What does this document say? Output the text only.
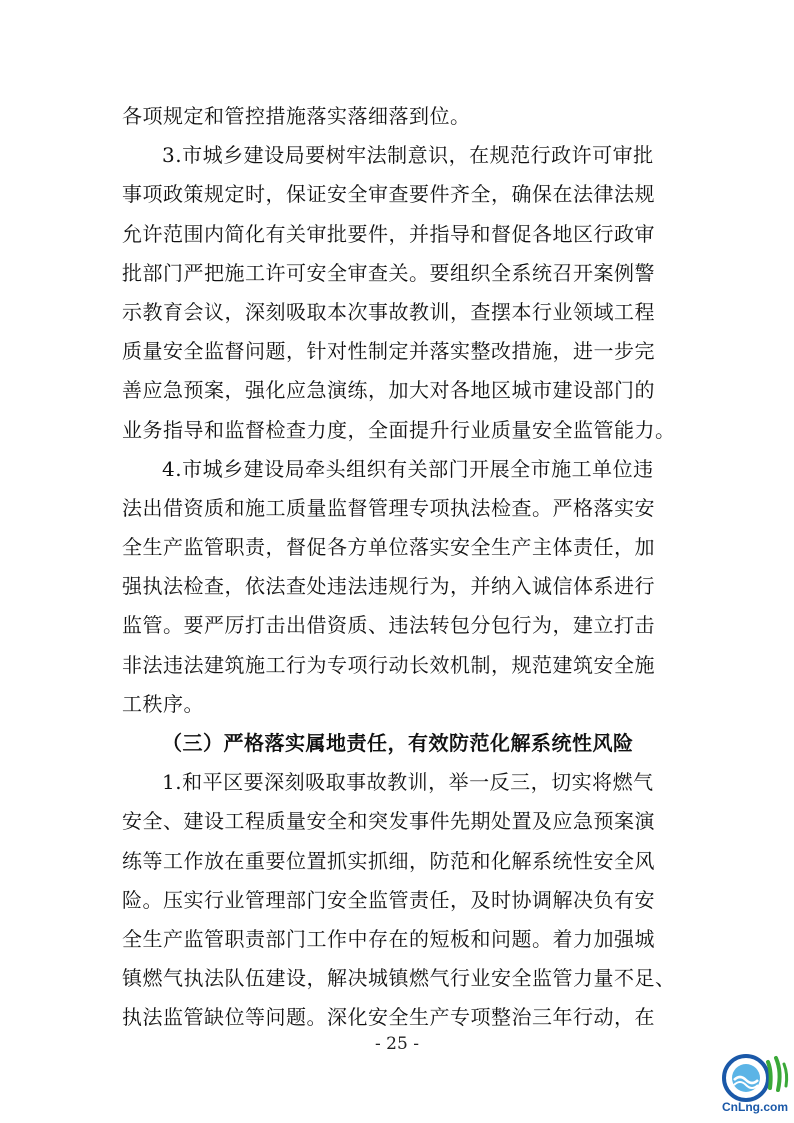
各项规定和管控措施落实落细落到位。
3.市城乡建设局要树牢法制意识，在规范行政许可审批
事项政策规定时，保证安全审查要件齐全，确保在法律法规
允许范围内简化有关审批要件，并指导和督促各地区行政审
批部门严把施工许可安全审查关。要组织全系统召开案例警
示教育会议，深刻吸取本次事故教训，查摆本行业领域工程
质量安全监督问题，针对性制定并落实整改措施，进一步完
善应急预案，强化应急演练，加大对各地区城市建设部门的
业务指导和监督检查力度，全面提升行业质量安全监管能力。
4.市城乡建设局牵头组织有关部门开展全市施工单位违
法出借资质和施工质量监督管理专项执法检查。严格落实安
全生产监管职责，督促各方单位落实安全生产主体责任，加
强执法检查，依法查处违法违规行为，并纳入诚信体系进行
监管。要严厉打击出借资质、违法转包分包行为，建立打击
非法违法建筑施工行为专项行动长效机制，规范建筑安全施
工秩序。
（三）严格落实属地责任，有效防范化解系统性风险
1.和平区要深刻吸取事故教训，举一反三，切实将燃气
安全、建设工程质量安全和突发事件先期处置及应急预案演
练等工作放在重要位置抓实抓细，防范和化解系统性安全风
险。压实行业管理部门安全监管责任，及时协调解决负有安
全生产监管职责部门工作中存在的短板和问题。着力加强城
镇燃气执法队伍建设，解决城镇燃气行业安全监管力量不足、
执法监管缺位等问题。深化安全生产专项整治三年行动，在
- 25 -
CnLng.com
